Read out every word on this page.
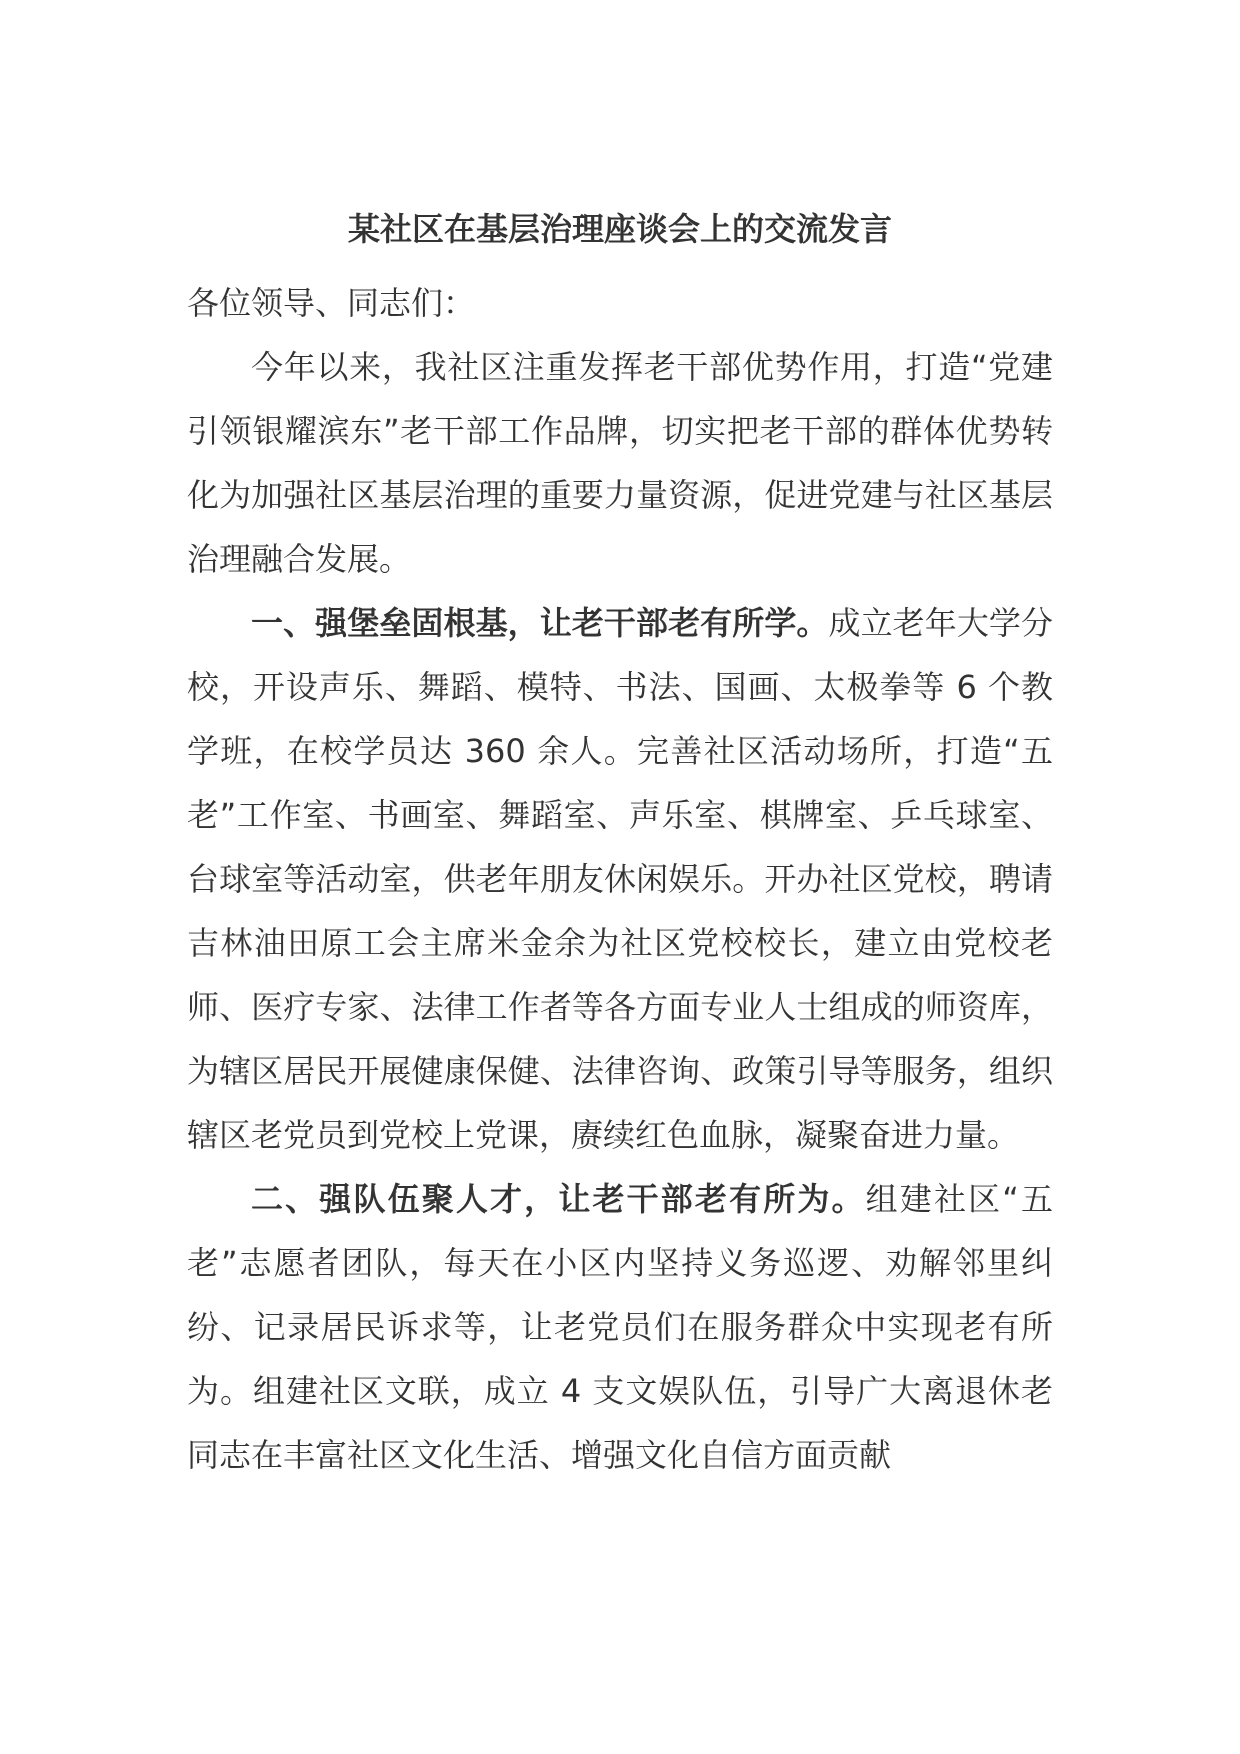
某社区在基层治理座谈会上的交流发言

各位领导、同志们：

今年以来，我社区注重发挥老干部优势作用，打造“党建引领银耀滨东”老干部工作品牌，切实把老干部的群体优势转化为加强社区基层治理的重要力量资源，促进党建与社区基层治理融合发展。

一、强堡垒固根基，让老干部老有所学。成立老年大学分校，开设声乐、舞蹈、模特、书法、国画、太极拳等 6 个教学班，在校学员达 360 余人。完善社区活动场所，打造“五老”工作室、书画室、舞蹈室、声乐室、棋牌室、乒乓球室、台球室等活动室，供老年朋友休闲娱乐。开办社区党校，聘请吉林油田原工会主席米金余为社区党校校长，建立由党校老师、医疗专家、法律工作者等各方面专业人士组成的师资库，为辖区居民开展健康保健、法律咨询、政策引导等服务，组织辖区老党员到党校上党课，赓续红色血脉，凝聚奋进力量。

二、强队伍聚人才，让老干部老有所为。组建社区“五老”志愿者团队，每天在小区内坚持义务巡逻、劝解邻里纠纷、记录居民诉求等，让老党员们在服务群众中实现老有所为。组建社区文联，成立 4 支文娱队伍，引导广大离退休老同志在丰富社区文化生活、增强文化自信方面贡献
